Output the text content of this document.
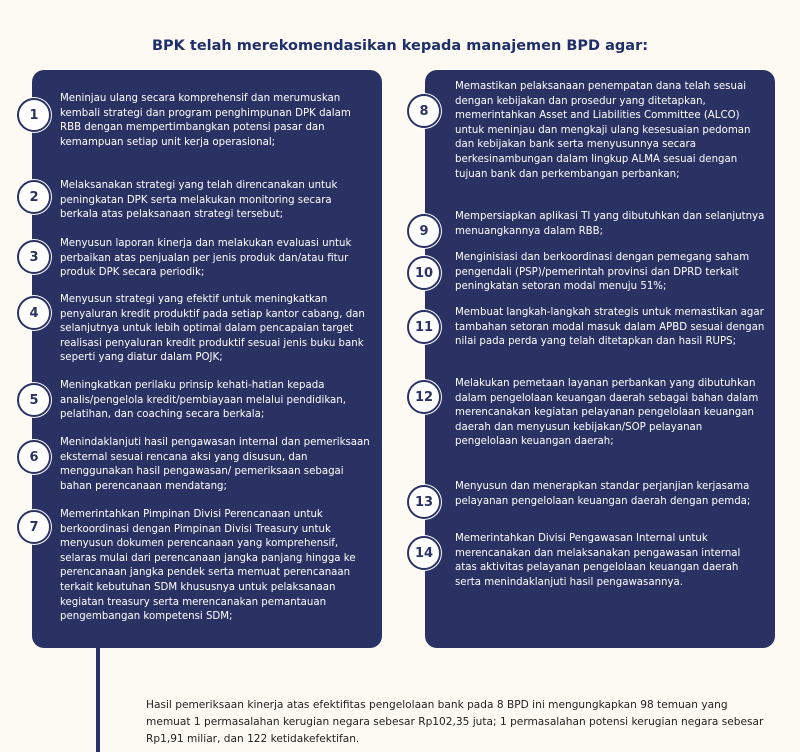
BPK telah merekomendasikan kepada manajemen BPD agar:
1

Meninjau ulang secara komprehensif dan merumuskan kembali strategi dan program penghimpunan DPK dalam RBB dengan mempertimbangkan potensi pasar dan kemampuan setiap unit kerja operasional;

2

Melaksanakan strategi yang telah direncanakan untuk peningkatan DPK serta melakukan monitoring secara berkala atas pelaksanaan strategi tersebut;

3

Menyusun laporan kinerja dan melakukan evaluasi untuk perbaikan atas penjualan per jenis produk dan/atau fitur produk DPK secara periodik;

4

Menyusun strategi yang efektif untuk meningkatkan penyaluran kredit produktif pada setiap kantor cabang, dan selanjutnya untuk lebih optimal dalam pencapaian target realisasi penyaluran kredit produktif sesuai jenis buku bank seperti yang diatur dalam POJK;

5

Meningkatkan perilaku prinsip kehati-hatian kepada analis/pengelola kredit/pembiayaan melalui pendidikan, pelatihan, dan coaching secara berkala;

6

Menindaklanjuti hasil pengawasan internal dan pemeriksaan eksternal sesuai rencana aksi yang disusun, dan menggunakan hasil pengawasan/ pemeriksaan sebagai bahan perencanaan mendatang;

7

Memerintahkan Pimpinan Divisi Perencanaan untuk berkoordinasi dengan Pimpinan Divisi Treasury untuk menyusun dokumen perencanaan yang komprehensif, selaras mulai dari perencanaan jangka panjang hingga ke perencanaan jangka pendek serta memuat perencanaan terkait kebutuhan SDM khususnya untuk pelaksanaan kegiatan treasury serta merencanakan pemantauan pengembangan kompetensi SDM;

8

Memastikan pelaksanaan penempatan dana telah sesuai dengan kebijakan dan prosedur yang ditetapkan, memerintahkan Asset and Liabilities Committee (ALCO) untuk meninjau dan mengkaji ulang kesesuaian pedoman dan kebijakan bank serta menyusunnya secara berkesinambungan dalam lingkup ALMA sesuai dengan tujuan bank dan perkembangan perbankan;

9

Mempersiapkan aplikasi TI yang dibutuhkan dan selanjutnya menuangkannya dalam RBB;

10

Menginisiasi dan berkoordinasi dengan pemegang saham pengendali (PSP)/pemerintah provinsi dan DPRD terkait peningkatan setoran modal menuju 51%;

11

Membuat langkah-langkah strategis untuk memastikan agar tambahan setoran modal masuk dalam APBD sesuai dengan nilai pada perda yang telah ditetapkan dan hasil RUPS;

12

Melakukan pemetaan layanan perbankan yang dibutuhkan dalam pengelolaan keuangan daerah sebagai bahan dalam merencanakan kegiatan pelayanan pengelolaan keuangan daerah dan menyusun kebijakan/SOP pelayanan pengelolaan keuangan daerah;

13

Menyusun dan menerapkan standar perjanjian kerjasama pelayanan pengelolaan keuangan daerah dengan pemda;

14

Memerintahkan Divisi Pengawasan Internal untuk merencanakan dan melaksanakan pengawasan internal atas aktivitas pelayanan pengelolaan keuangan daerah serta menindaklanjuti hasil pengawasannya.

Hasil pemeriksaan kinerja atas efektifitas pengelolaan bank pada 8 BPD ini mengungkapkan 98 temuan yang memuat 1 permasalahan kerugian negara sebesar Rp102,35 juta; 1 permasalahan potensi kerugian negara sebesar Rp1,91 miliar, dan 122 ketidakefektifan.
